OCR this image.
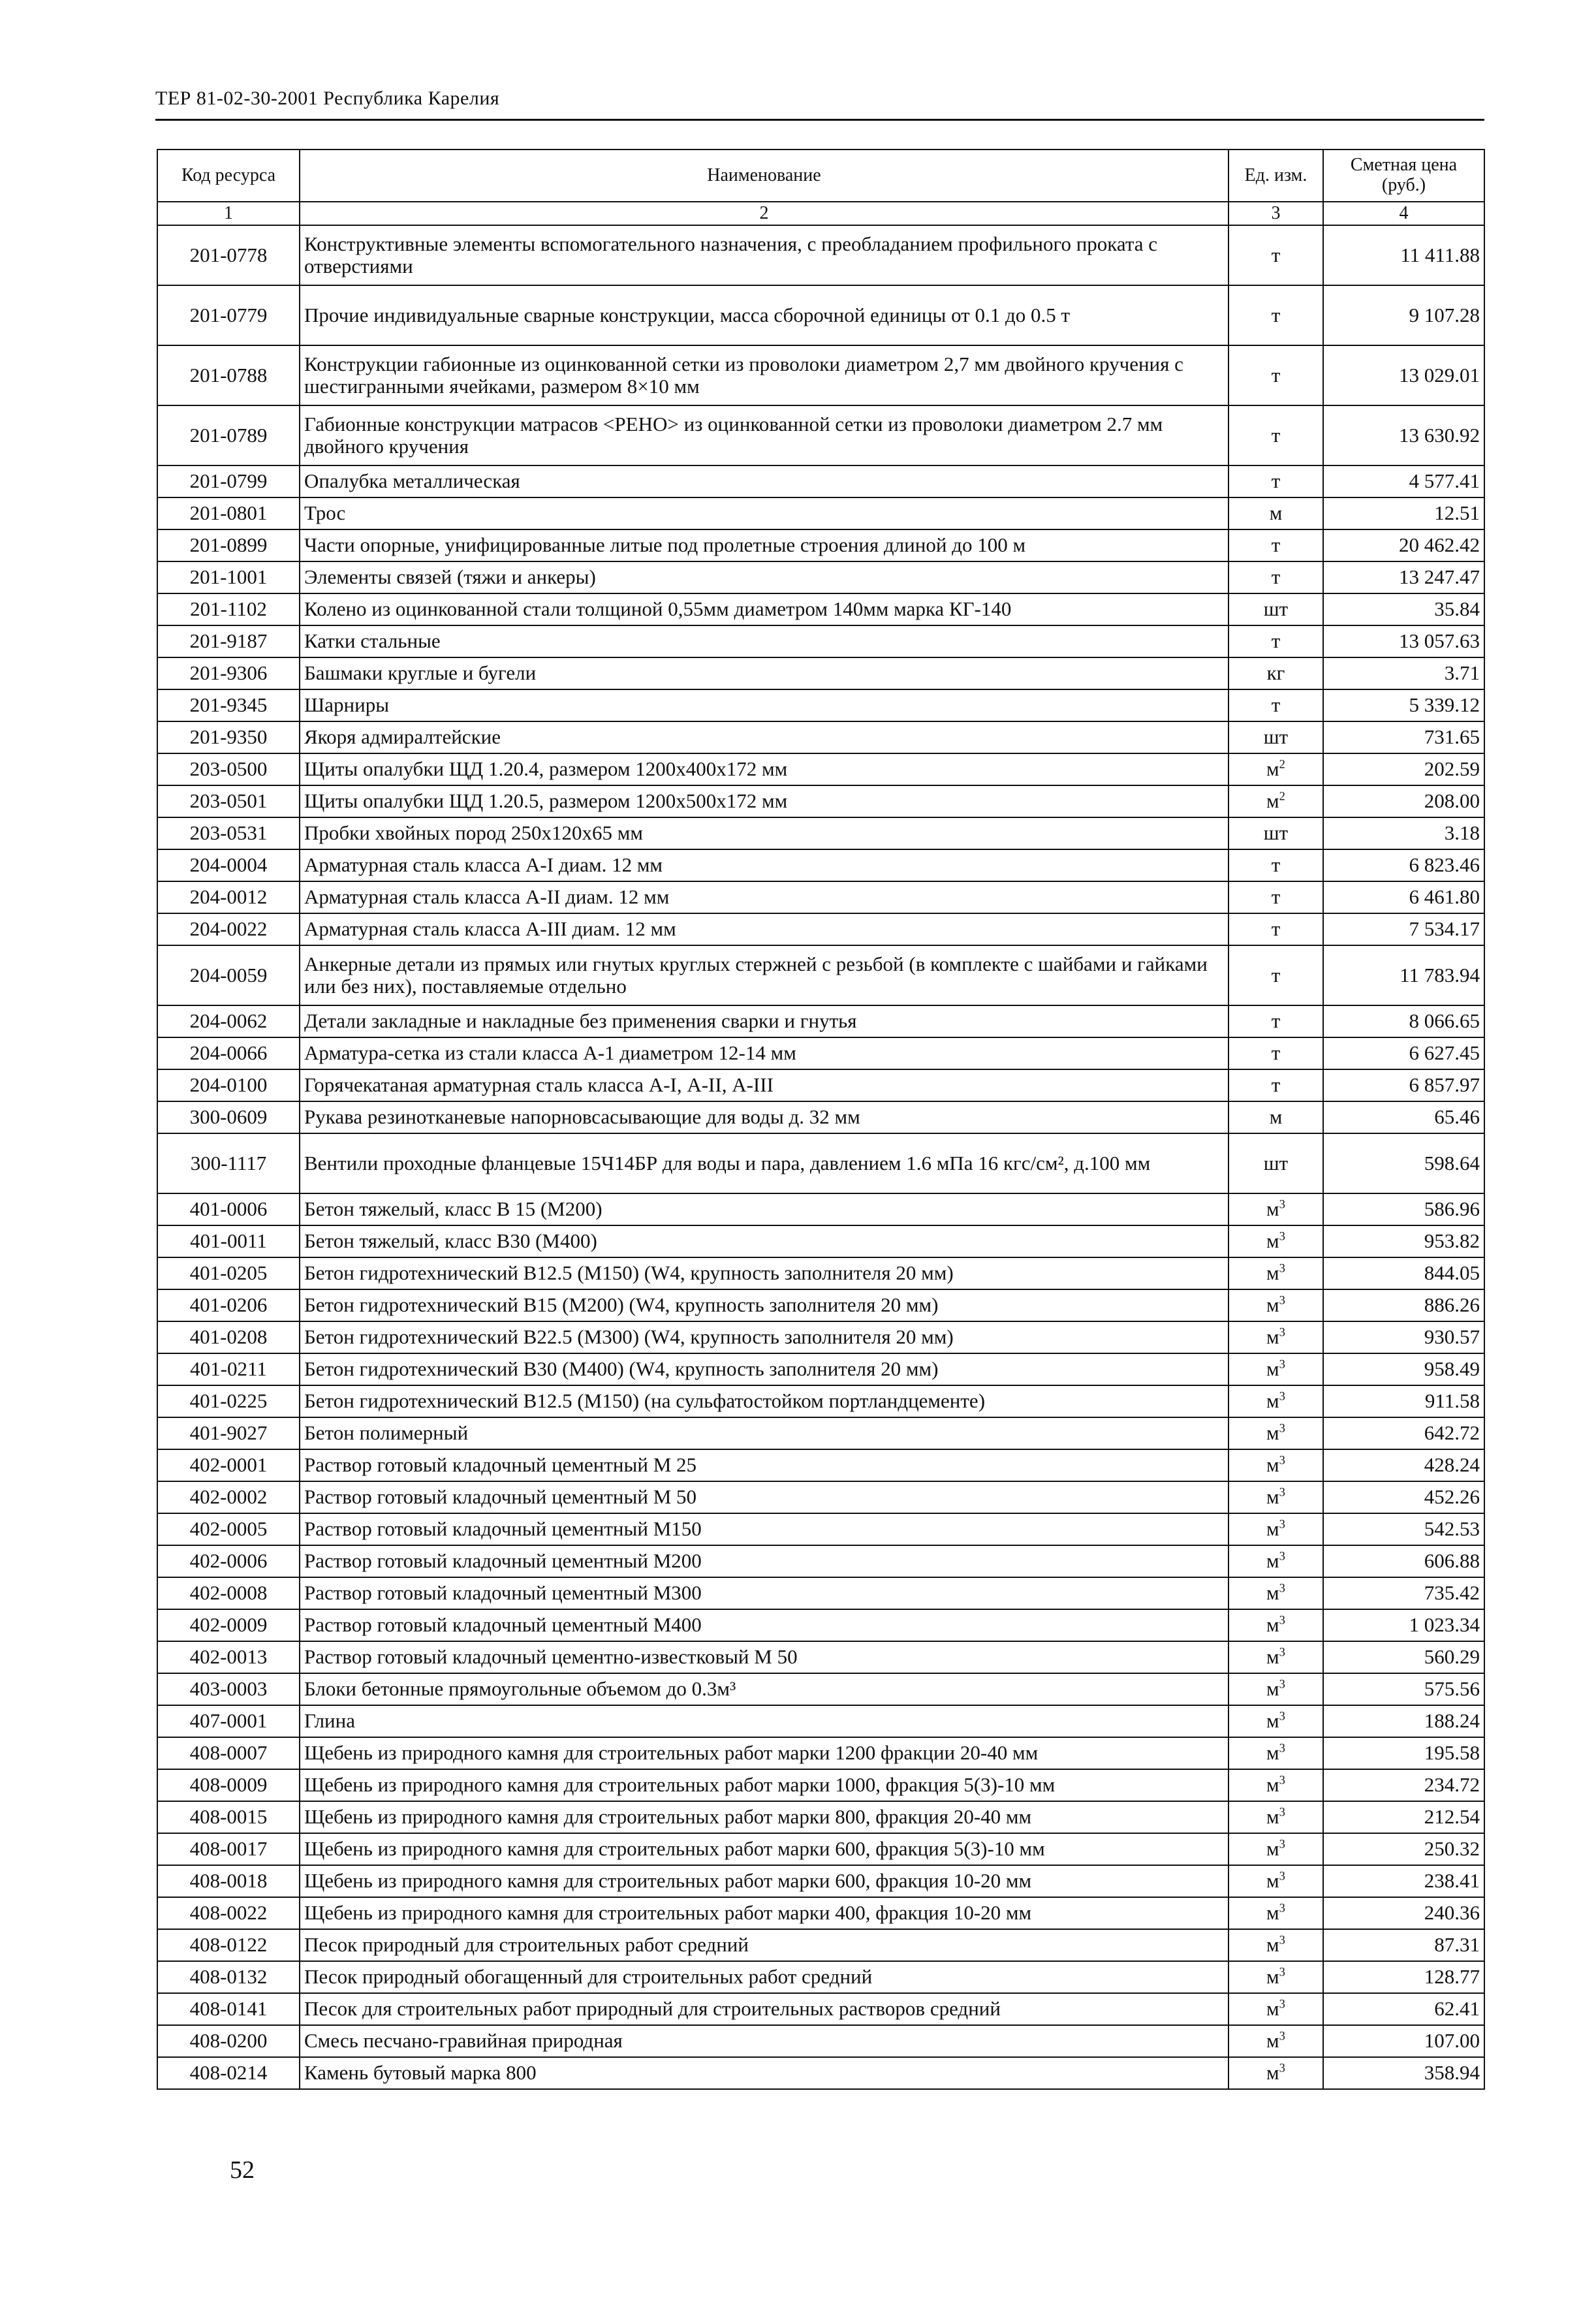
ТЕР 81-02-30-2001 Республика Карелия
Код ресурса	Наименование	Ед. изм.	Сметная цена (руб.)
1	2	3	4
201-0778	Конструктивные элементы вспомогательного назначения, с преобладанием профильного проката с отверстиями	т	11 411.88
201-0779	Прочие индивидуальные сварные конструкции, масса сборочной единицы от 0.1 до 0.5 т	т	9 107.28
201-0788	Конструкции габионные из оцинкованной сетки из проволоки диаметром 2,7 мм двойного кручения с шестигранными ячейками, размером 8×10 мм	т	13 029.01
201-0789	Габионные конструкции матрасов <РЕНО> из оцинкованной сетки из проволоки диаметром 2.7 мм двойного кручения	т	13 630.92
201-0799	Опалубка металлическая	т	4 577.41
201-0801	Трос	м	12.51
201-0899	Части опорные, унифицированные литые под пролетные строения длиной до 100 м	т	20 462.42
201-1001	Элементы связей (тяжи и анкеры)	т	13 247.47
201-1102	Колено из оцинкованной стали толщиной 0,55мм диаметром 140мм марка КГ-140	шт	35.84
201-9187	Катки стальные	т	13 057.63
201-9306	Башмаки круглые и бугели	кг	3.71
201-9345	Шарниры	т	5 339.12
201-9350	Якоря адмиралтейские	шт	731.65
203-0500	Щиты опалубки ЩД 1.20.4, размером 1200х400х172 мм	$м^2$	202.59
203-0501	Щиты опалубки ЩД 1.20.5, размером 1200х500х172 мм	$м^2$	208.00
203-0531	Пробки хвойных пород 250х120х65 мм	шт	3.18
204-0004	Арматурная сталь класса А-I диам. 12 мм	т	6 823.46
204-0012	Арматурная сталь класса А-II диам. 12 мм	т	6 461.80
204-0022	Арматурная сталь класса А-III диам. 12 мм	т	7 534.17
204-0059	Анкерные детали из прямых или гнутых круглых стержней с резьбой (в комплекте с шайбами и гайками или без них), поставляемые отдельно	т	11 783.94
204-0062	Детали закладные и накладные без применения сварки и гнутья	т	8 066.65
204-0066	Арматура-сетка из стали класса А-1 диаметром 12-14 мм	т	6 627.45
204-0100	Горячекатаная арматурная сталь класса А-I, А-II, А-III	т	6 857.97
300-0609	Рукава резинотканевые напорновсасывающие для воды д. 32 мм	м	65.46
300-1117	Вентили проходные фланцевые 15Ч14БР для воды и пара, давлением 1.6 мПа 16 кгс/см², д.100 мм	шт	598.64
401-0006	Бетон тяжелый, класс В 15 (М200)	$м^3$	586.96
401-0011	Бетон тяжелый, класс В30 (М400)	$м^3$	953.82
401-0205	Бетон гидротехнический В12.5 (М150) (W4, крупность заполнителя 20 мм)	$м^3$	844.05
401-0206	Бетон гидротехнический В15 (М200) (W4, крупность заполнителя 20 мм)	$м^3$	886.26
401-0208	Бетон гидротехнический В22.5 (М300) (W4, крупность заполнителя 20 мм)	$м^3$	930.57
401-0211	Бетон гидротехнический В30 (М400) (W4, крупность заполнителя 20 мм)	$м^3$	958.49
401-0225	Бетон гидротехнический В12.5 (М150) (на сульфатостойком портландцементе)	$м^3$	911.58
401-9027	Бетон полимерный	$м^3$	642.72
402-0001	Раствор готовый кладочный цементный М 25	$м^3$	428.24
402-0002	Раствор готовый кладочный цементный М 50	$м^3$	452.26
402-0005	Раствор готовый кладочный цементный М150	$м^3$	542.53
402-0006	Раствор готовый кладочный цементный М200	$м^3$	606.88
402-0008	Раствор готовый кладочный цементный М300	$м^3$	735.42
402-0009	Раствор готовый кладочный цементный М400	$м^3$	1 023.34
402-0013	Раствор готовый кладочный цементно-известковый М 50	$м^3$	560.29
403-0003	Блоки бетонные прямоугольные объемом до 0.3м³	$м^3$	575.56
407-0001	Глина	$м^3$	188.24
408-0007	Щебень из природного камня для строительных работ марки 1200 фракции 20-40 мм	$м^3$	195.58
408-0009	Щебень из природного камня для строительных работ марки 1000, фракция 5(3)-10 мм	$м^3$	234.72
408-0015	Щебень из природного камня для строительных работ марки 800, фракция 20-40 мм	$м^3$	212.54
408-0017	Щебень из природного камня для строительных работ марки 600, фракция 5(3)-10 мм	$м^3$	250.32
408-0018	Щебень из природного камня для строительных работ марки 600, фракция 10-20 мм	$м^3$	238.41
408-0022	Щебень из природного камня для строительных работ марки 400, фракция 10-20 мм	$м^3$	240.36
408-0122	Песок природный для строительных работ средний	$м^3$	87.31
408-0132	Песок природный обогащенный для строительных работ средний	$м^3$	128.77
408-0141	Песок для строительных работ природный для строительных растворов средний	$м^3$	62.41
408-0200	Смесь песчано-гравийная природная	$м^3$	107.00
408-0214	Камень бутовый марка 800	$м^3$	358.94
52
